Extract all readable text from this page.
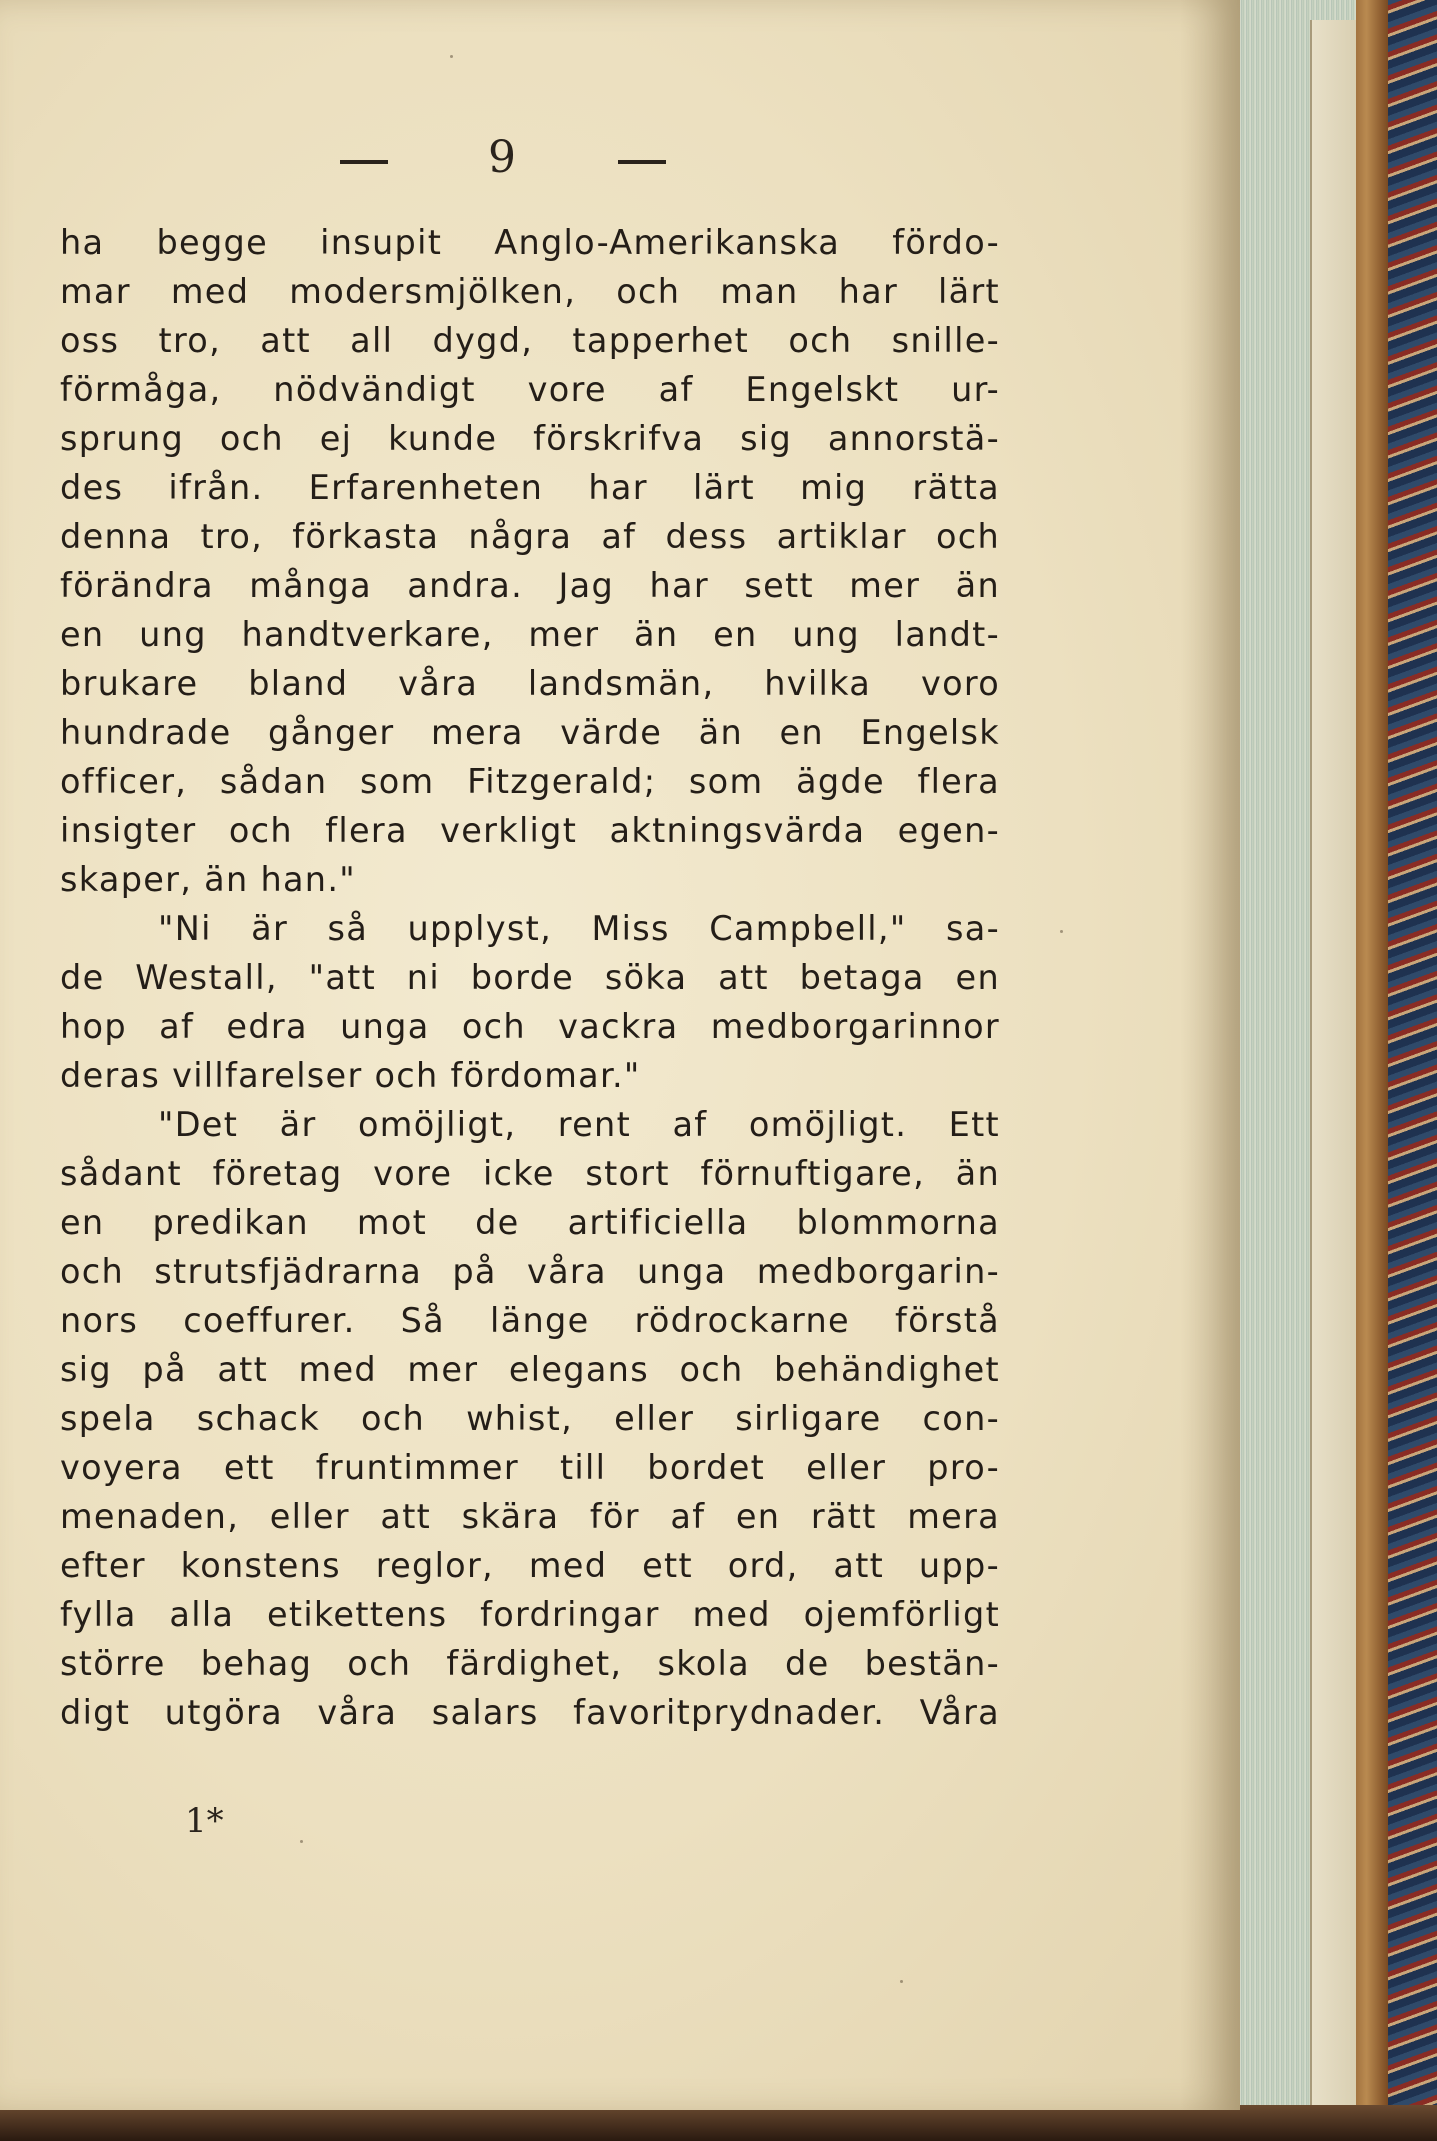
9
ha begge insupit Anglo-Amerikanska fördo-
mar med modersmjölken, och man har lärt
oss tro, att all dygd, tapperhet och snille-
förmåga, nödvändigt vore af Engelskt ur-
sprung och ej kunde förskrifva sig annorstä-
des ifrån. Erfarenheten har lärt mig rätta
denna tro, förkasta några af dess artiklar och
förändra många andra. Jag har sett mer än
en ung handtverkare, mer än en ung landt-
brukare bland våra landsmän, hvilka voro
hundrade gånger mera värde än en Engelsk
officer, sådan som Fitzgerald; som ägde flera
insigter och flera verkligt aktningsvärda egen-
skaper, än han."
"Ni är så upplyst, Miss Campbell," sa-
de Westall, "att ni borde söka att betaga en
hop af edra unga och vackra medborgarinnor
deras villfarelser och fördomar."
"Det är omöjligt, rent af omöjligt. Ett
sådant företag vore icke stort förnuftigare, än
en predikan mot de artificiella blommorna
och strutsfjädrarna på våra unga medborgarin-
nors coeffurer. Så länge rödrockarne förstå
sig på att med mer elegans och behändighet
spela schack och whist, eller sirligare con-
voyera ett fruntimmer till bordet eller pro-
menaden, eller att skära för af en rätt mera
efter konstens reglor, med ett ord, att upp-
fylla alla etikettens fordringar med ojemförligt
större behag och färdighet, skola de bestän-
digt utgöra våra salars favoritprydnader. Våra
1*
